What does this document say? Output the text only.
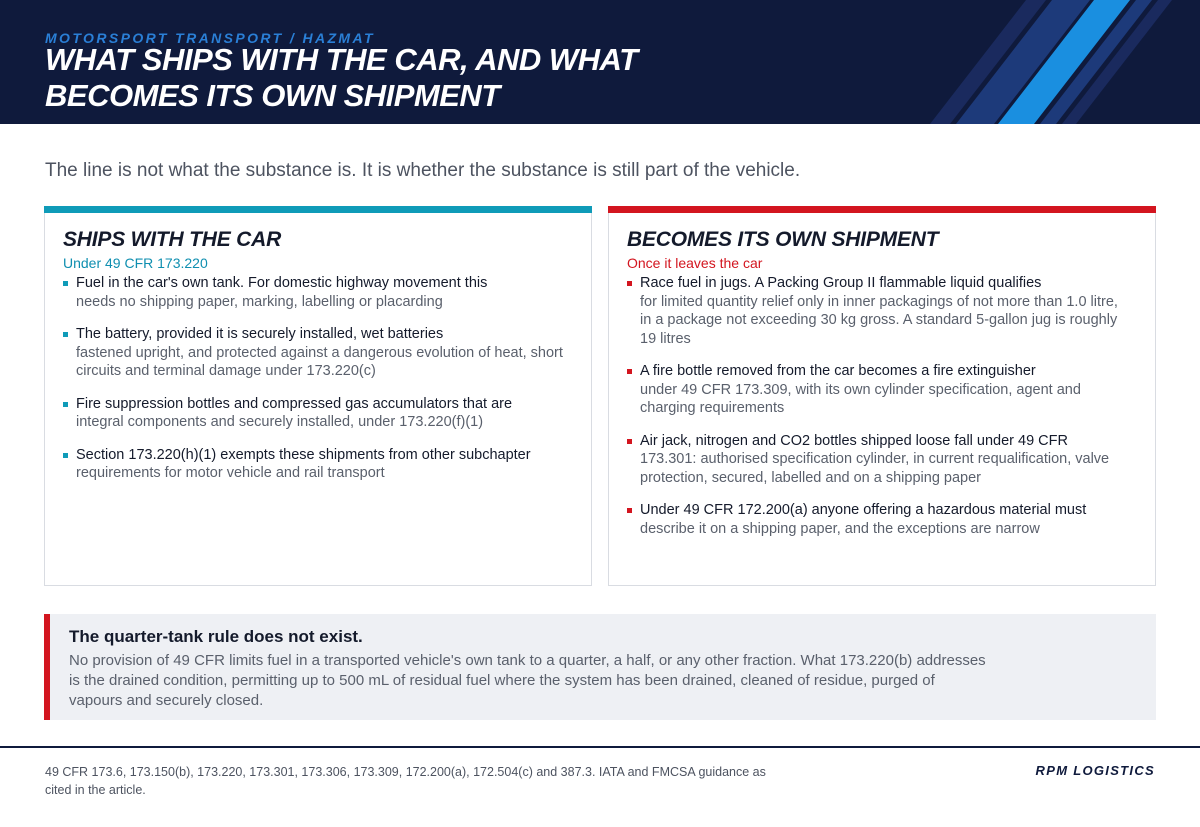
MOTORSPORT TRANSPORT / HAZMAT
WHAT SHIPS WITH THE CAR, AND WHAT BECOMES ITS OWN SHIPMENT
The line is not what the substance is. It is whether the substance is still part of the vehicle.
SHIPS WITH THE CAR
Under 49 CFR 173.220
Fuel in the car's own tank. For domestic highway movement this
needs no shipping paper, marking, labelling or placarding
The battery, provided it is securely installed, wet batteries
fastened upright, and protected against a dangerous evolution of heat, short circuits and terminal damage under 173.220(c)
Fire suppression bottles and compressed gas accumulators that are
integral components and securely installed, under 173.220(f)(1)
Section 173.220(h)(1) exempts these shipments from other subchapter
requirements for motor vehicle and rail transport
BECOMES ITS OWN SHIPMENT
Once it leaves the car
Race fuel in jugs. A Packing Group II flammable liquid qualifies
for limited quantity relief only in inner packagings of not more than 1.0 litre, in a package not exceeding 30 kg gross. A standard 5-gallon jug is roughly 19 litres
A fire bottle removed from the car becomes a fire extinguisher
under 49 CFR 173.309, with its own cylinder specification, agent and charging requirements
Air jack, nitrogen and CO2 bottles shipped loose fall under 49 CFR
173.301: authorised specification cylinder, in current requalification, valve protection, secured, labelled and on a shipping paper
Under 49 CFR 172.200(a) anyone offering a hazardous material must
describe it on a shipping paper, and the exceptions are narrow
The quarter-tank rule does not exist.

No provision of 49 CFR limits fuel in a transported vehicle's own tank to a quarter, a half, or any other fraction. What 173.220(b) addresses is the drained condition, permitting up to 500 mL of residual fuel where the system has been drained, cleaned of residue, purged of vapours and securely closed.

49 CFR 173.6, 173.150(b), 173.220, 173.301, 173.306, 173.309, 172.200(a), 172.504(c) and 387.3. IATA and FMCSA guidance as cited in the article.
RPM LOGISTICS
